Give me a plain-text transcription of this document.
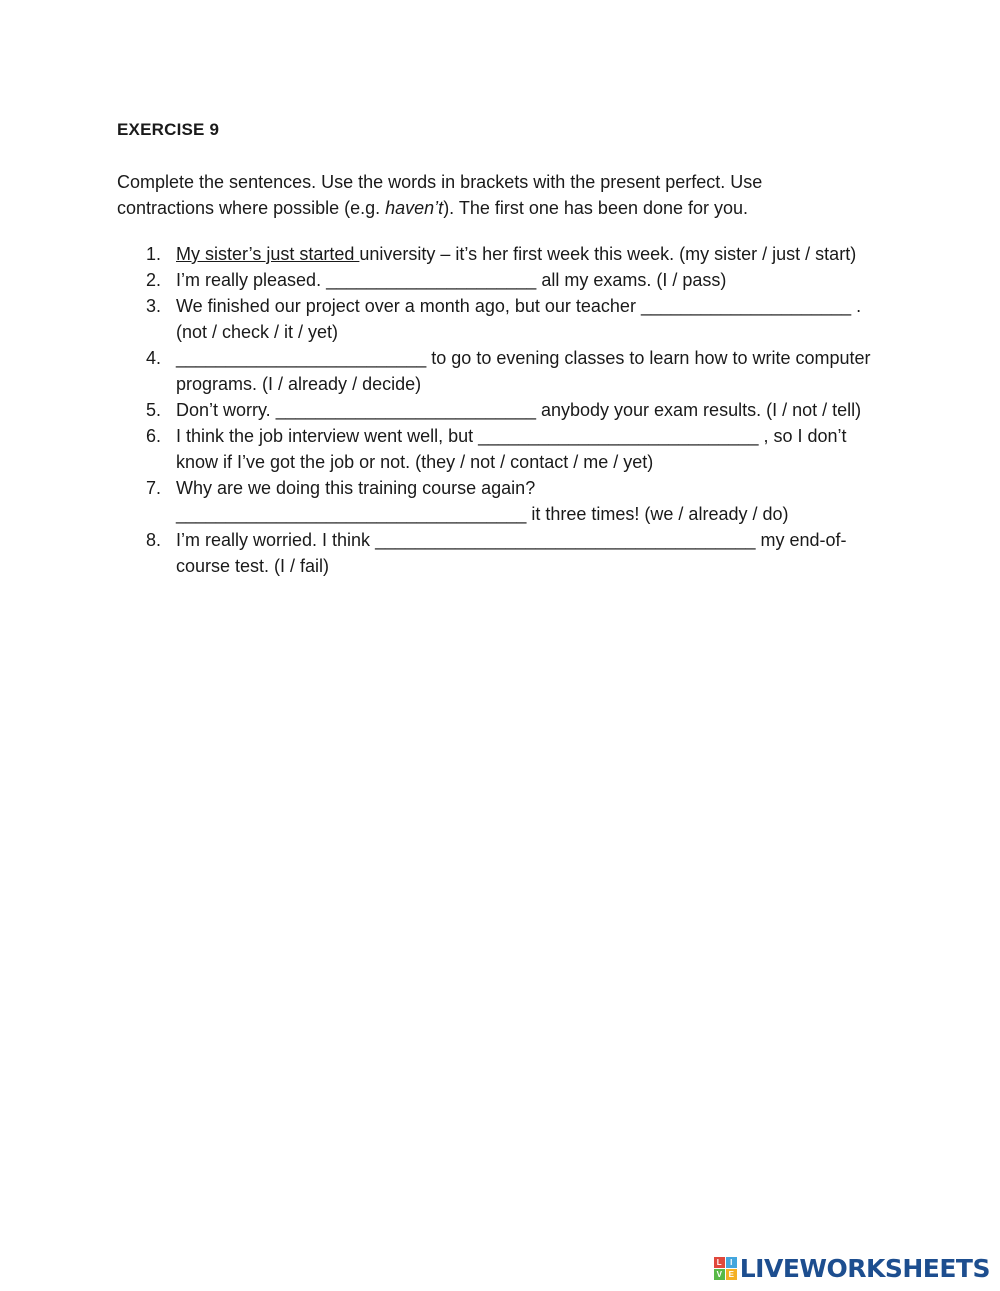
EXERCISE 9
Complete the sentences. Use the words in brackets with the present perfect. Use contractions where possible (e.g. haven’t). The first one has been done for you.
1. My sister’s just started university – it’s her first week this week. (my sister / just / start)
2. I’m really pleased. _____________________ all my exams. (I / pass)
3. We finished our project over a month ago, but our teacher _____________________ . (not / check / it / yet)
4. _________________________ to go to evening classes to learn how to write computer programs. (I / already / decide)
5. Don’t worry. __________________________ anybody your exam results. (I / not / tell)
6. I think the job interview went well, but ____________________________ , so I don’t know if I’ve got the job or not. (they / not / contact / me / yet)
7. Why are we doing this training course again? ___________________________________ it three times! (we / already / do)
8. I’m really worried. I think ______________________________________ my end-of-course test. (I / fail)
L	I
V E LIVEWORKSHEETS
